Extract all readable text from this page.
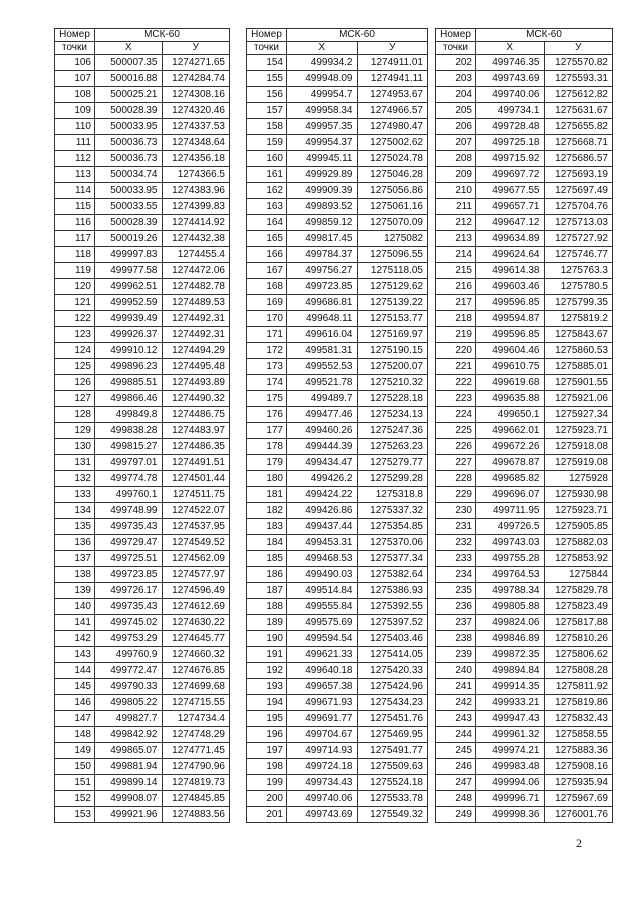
Номер	МСК-60	
точки	X	У
106	500007.35	1274271.65
107	500016.88	1274284.74
108	500025.21	1274308.16
109	500028.39	1274320.46
110	500033.95	1274337.53
111	500036.73	1274348.64
112	500036.73	1274356.18
113	500034.74	1274366.5
114	500033.95	1274383.96
115	500033.55	1274399.83
116	500028.39	1274414.92
117	500019.26	1274432.38
118	499997.83	1274455.4
119	499977.58	1274472.06
120	499962.51	1274482.78
121	499952.59	1274489.53
122	499939.49	1274492.31
123	499926.37	1274492.31
124	499910.12	1274494.29
125	499896.23	1274495.48
126	499885.51	1274493.89
127	499866.46	1274490.32
128	499849.8	1274486.75
129	499838.28	1274483.97
130	499815.27	1274486.35
131	499797.01	1274491.51
132	499774.78	1274501.44
133	499760.1	1274511.75
134	499748.99	1274522.07
135	499735.43	1274537.95
136	499729.47	1274549.52
137	499725.51	1274562.09
138	499723.85	1274577.97
139	499726.17	1274596.49
140	499735.43	1274612.69
141	499745.02	1274630.22
142	499753.29	1274645.77
143	499760.9	1274660.32
144	499772.47	1274676.85
145	499790.33	1274699.68
146	499805.22	1274715.55
147	499827.7	1274734.4
148	499842.92	1274748.29
149	499865.07	1274771.45
150	499881.94	1274790.96
151	499899.14	1274819.73
152	499908.07	1274845.85
153	499921.96	1274883.56
Номер	МСК-60	
точки	X	У
154	499934.2	1274911.01
155	499948.09	1274941.11
156	499954.7	1274953.67
157	499958.34	1274966.57
158	499957.35	1274980.47
159	499954.37	1275002.62
160	499945.11	1275024.78
161	499929.89	1275046.28
162	499909.39	1275056.86
163	499893.52	1275061.16
164	499859.12	1275070.09
165	499817.45	1275082
166	499784.37	1275096.55
167	499756.27	1275118.05
168	499723.85	1275129.62
169	499686.81	1275139.22
170	499648.11	1275153.77
171	499616.04	1275169.97
172	499581.31	1275190.15
173	499552.53	1275200.07
174	499521.78	1275210.32
175	499489.7	1275228.18
176	499477.46	1275234.13
177	499460.26	1275247.36
178	499444.39	1275263.23
179	499434.47	1275279.77
180	499426.2	1275299.28
181	499424.22	1275318.8
182	499426.86	1275337.32
183	499437.44	1275354.85
184	499453.31	1275370.06
185	499468.53	1275377.34
186	499490.03	1275382.64
187	499514.84	1275386.93
188	499555.84	1275392.55
189	499575.69	1275397.52
190	499594.54	1275403.46
191	499621.33	1275414.05
192	499640.18	1275420.33
193	499657.38	1275424.96
194	499671.93	1275434.23
195	499691.77	1275451.76
196	499704.67	1275469.95
197	499714.93	1275491.77
198	499724.18	1275509.63
199	499734.43	1275524.18
200	499740.06	1275533.78
201	499743.69	1275549.32
Номер	МСК-60	
точки	X	У
202	499746.35	1275570.82
203	499743.69	1275593.31
204	499740.06	1275612.82
205	499734.1	1275631.67
206	499728.48	1275655.82
207	499725.18	1275668.71
208	499715.92	1275686.57
209	499697.72	1275693.19
210	499677.55	1275697.49
211	499657.71	1275704.76
212	499647.12	1275713.03
213	499634.89	1275727.92
214	499624.64	1275746.77
215	499614.38	1275763.3
216	499603.46	1275780.5
217	499596.85	1275799.35
218	499594.87	1275819.2
219	499596.85	1275843.67
220	499604.46	1275860.53
221	499610.75	1275885.01
222	499619.68	1275901.55
223	499635.88	1275921.06
224	499650.1	1275927.34
225	499662.01	1275923.71
226	499672.26	1275918.08
227	499678.87	1275919.08
228	499685.82	1275928
229	499696.07	1275930.98
230	499711.95	1275923.71
231	499726.5	1275905.85
232	499743.03	1275882.03
233	499755.28	1275853.92
234	499764.53	1275844
235	499788.34	1275829.78
236	499805.88	1275823.49
237	499824.06	1275817.88
238	499846.89	1275810.26
239	499872.35	1275806.62
240	499894.84	1275808.28
241	499914.35	1275811.92
242	499933.21	1275819.86
243	499947.43	1275832.43
244	499961.32	1275858.55
245	499974.21	1275883.36
246	499983.48	1275908.16
247	499994.06	1275935.94
248	499996.71	1275967.69
249	499998.36	1276001.76
2
